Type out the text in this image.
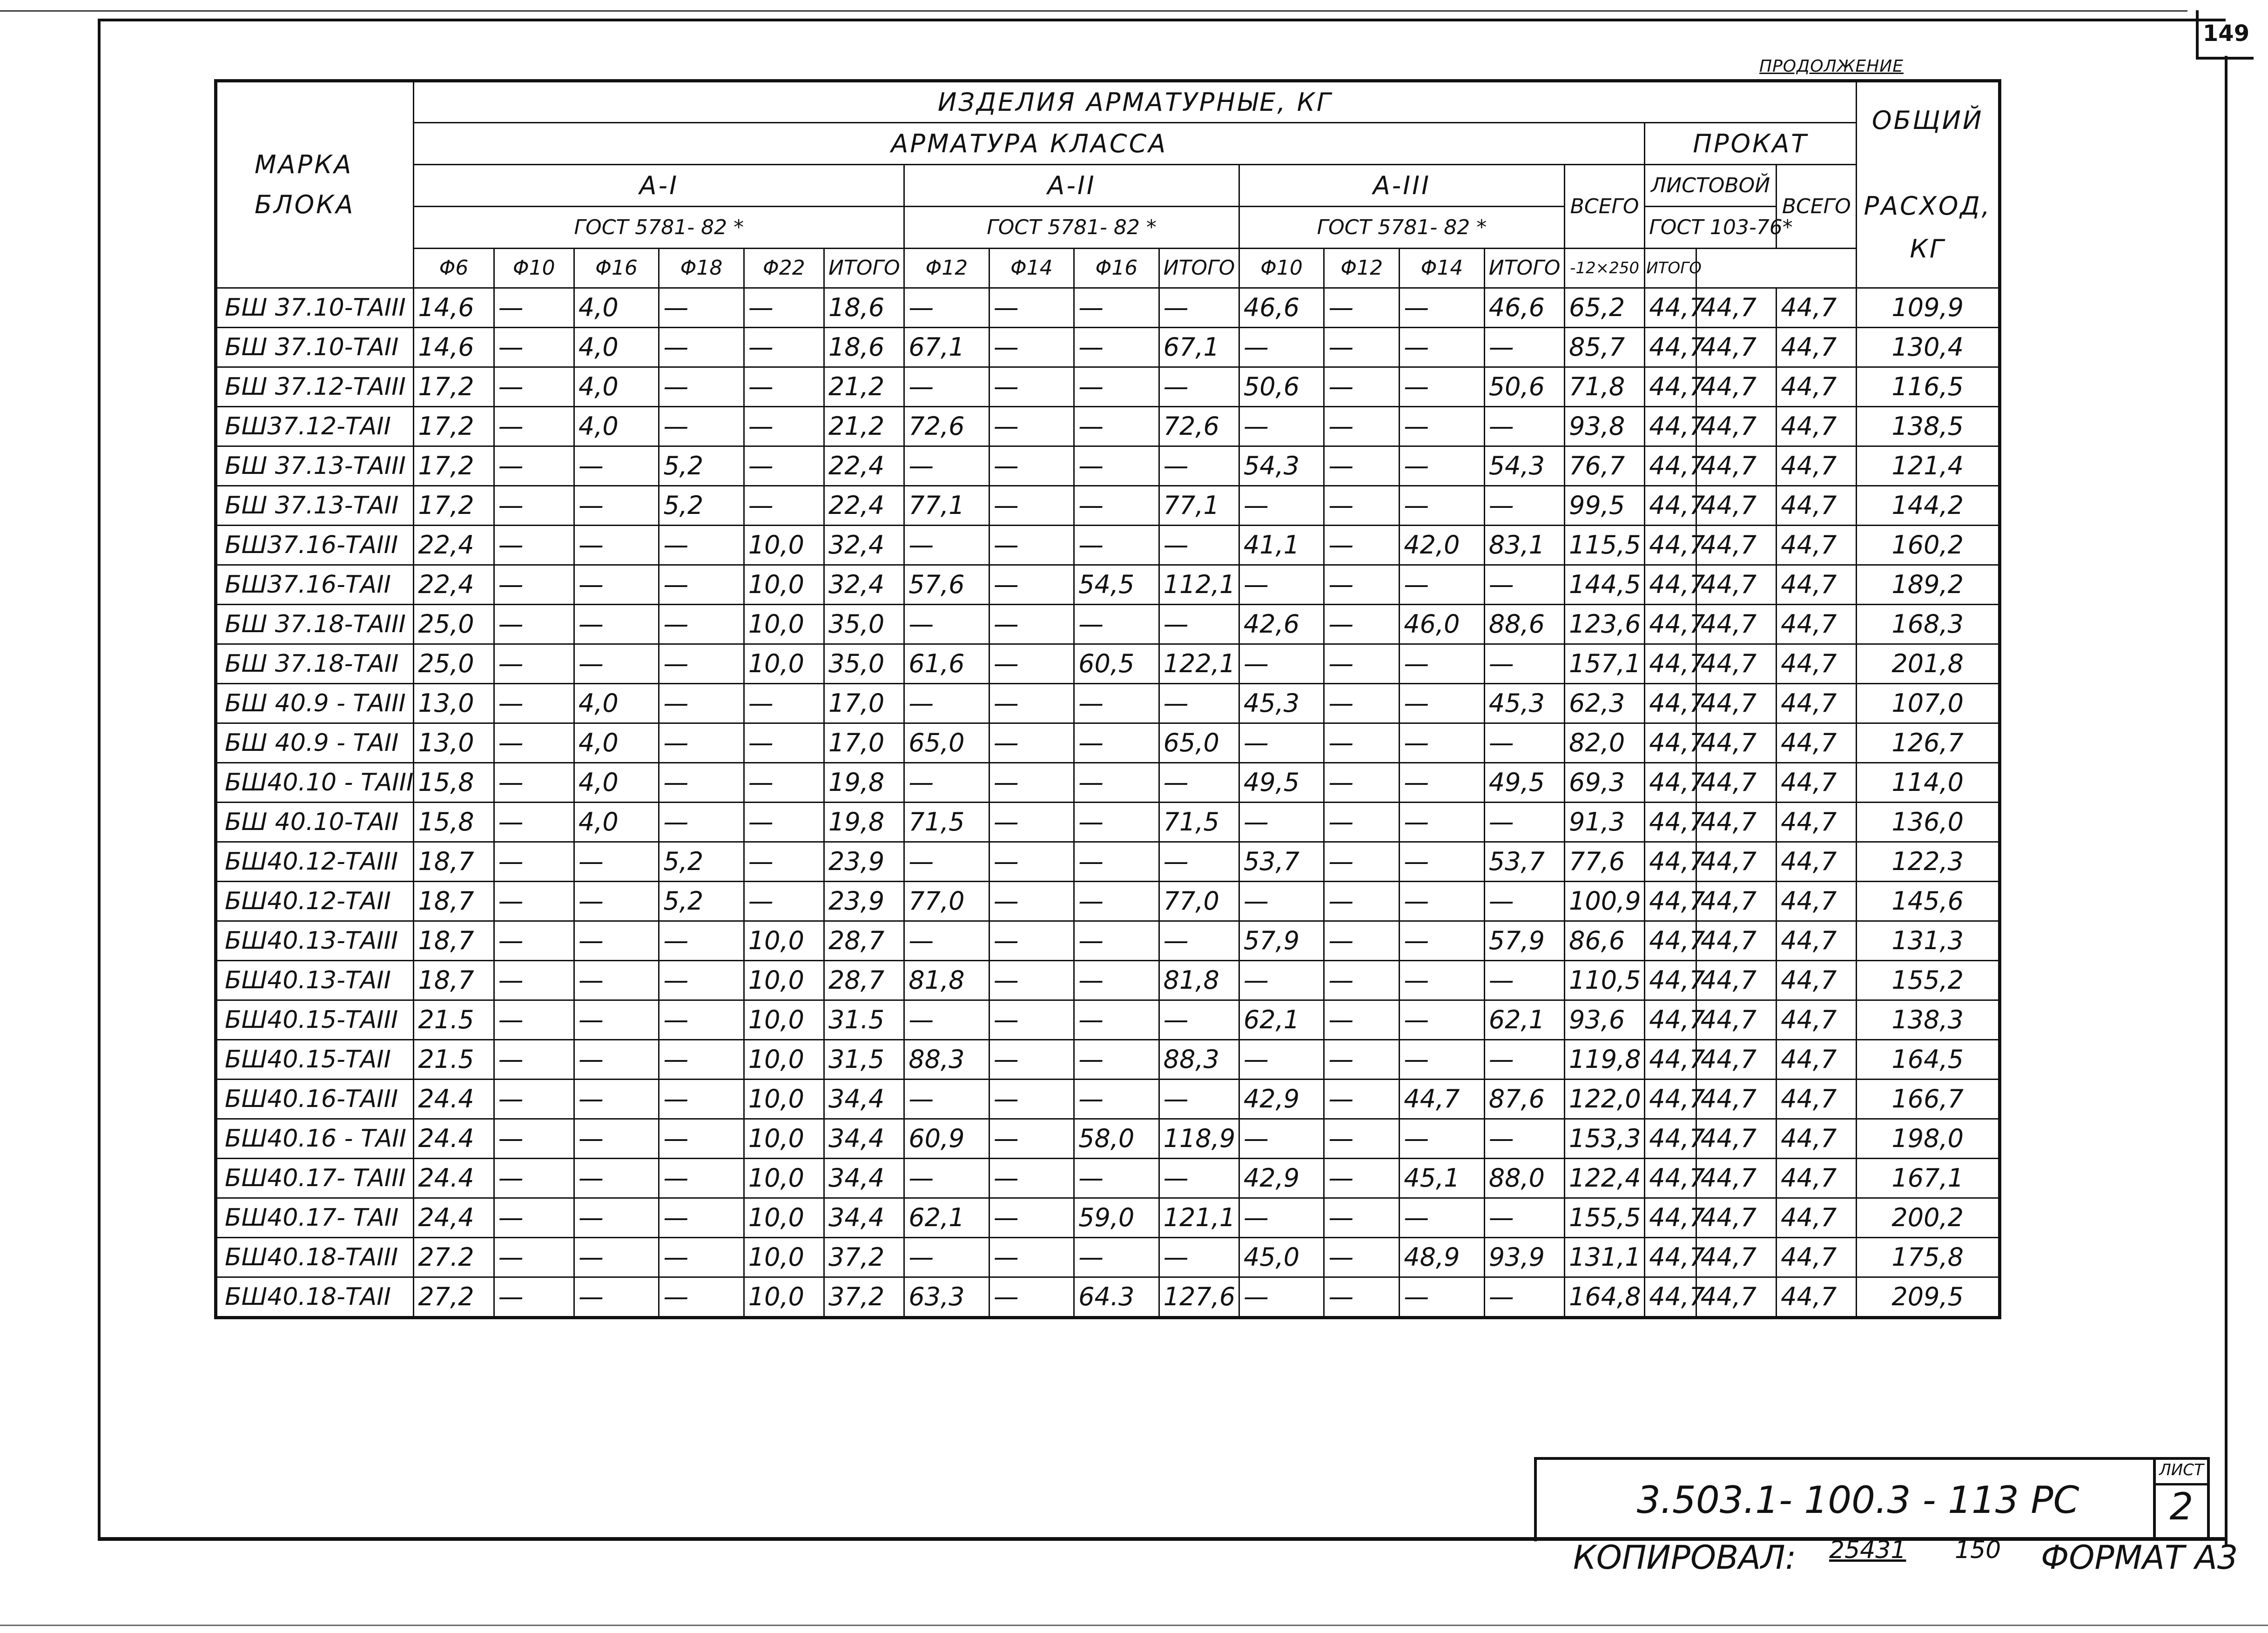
149
ПРОДОЛЖЕНИЕ
МАРКА
БЛОКА	ИЗДЕЛИЯ АРМАТУРНЫЕ, КГ																		ОБЩИЙ

РАСХОД,
КГ
	АРМАТУРА КЛАССА															ПРОКАТ			
	А-I						А-II				А-III				ВСЕГО	ЛИСТОВОЙ		ВСЕГО	
	ГОСТ 5781- 82 *						ГОСТ 5781- 82 *				ГОСТ 5781- 82 *					ГОСТ 103-76*			
	Φ6	Φ10	Φ16	Φ18	Φ22	ИТОГО	Φ12	Φ14	Φ16	ИТОГО	Φ10	Φ12	Φ14	ИТОГО	-12×250	ИТОГО			
БШ 37.10-ТАIII	14,6	—	4,0	—	—	18,6	—	—	—	—	46,6	—	—	46,6	65,2	44,7	44,7	44,7	109,9
БШ 37.10-ТАII	14,6	—	4,0	—	—	18,6	67,1	—	—	67,1	—	—	—	—	85,7	44,7	44,7	44,7	130,4
БШ 37.12-ТАIII	17,2	—	4,0	—	—	21,2	—	—	—	—	50,6	—	—	50,6	71,8	44,7	44,7	44,7	116,5
БШ37.12-ТАII	17,2	—	4,0	—	—	21,2	72,6	—	—	72,6	—	—	—	—	93,8	44,7	44,7	44,7	138,5
БШ 37.13-ТАIII	17,2	—	—	5,2	—	22,4	—	—	—	—	54,3	—	—	54,3	76,7	44,7	44,7	44,7	121,4
БШ 37.13-ТАII	17,2	—	—	5,2	—	22,4	77,1	—	—	77,1	—	—	—	—	99,5	44,7	44,7	44,7	144,2
БШ37.16-ТАIII	22,4	—	—	—	10,0	32,4	—	—	—	—	41,1	—	42,0	83,1	115,5	44,7	44,7	44,7	160,2
БШ37.16-ТАII	22,4	—	—	—	10,0	32,4	57,6	—	54,5	112,1	—	—	—	—	144,5	44,7	44,7	44,7	189,2
БШ 37.18-ТАIII	25,0	—	—	—	10,0	35,0	—	—	—	—	42,6	—	46,0	88,6	123,6	44,7	44,7	44,7	168,3
БШ 37.18-ТАII	25,0	—	—	—	10,0	35,0	61,6	—	60,5	122,1	—	—	—	—	157,1	44,7	44,7	44,7	201,8
БШ 40.9 - ТАIII	13,0	—	4,0	—	—	17,0	—	—	—	—	45,3	—	—	45,3	62,3	44,7	44,7	44,7	107,0
БШ 40.9 - ТАII	13,0	—	4,0	—	—	17,0	65,0	—	—	65,0	—	—	—	—	82,0	44,7	44,7	44,7	126,7
БШ40.10 - ТАIII	15,8	—	4,0	—	—	19,8	—	—	—	—	49,5	—	—	49,5	69,3	44,7	44,7	44,7	114,0
БШ 40.10-ТАII	15,8	—	4,0	—	—	19,8	71,5	—	—	71,5	—	—	—	—	91,3	44,7	44,7	44,7	136,0
БШ40.12-ТАIII	18,7	—	—	5,2	—	23,9	—	—	—	—	53,7	—	—	53,7	77,6	44,7	44,7	44,7	122,3
БШ40.12-ТАII	18,7	—	—	5,2	—	23,9	77,0	—	—	77,0	—	—	—	—	100,9	44,7	44,7	44,7	145,6
БШ40.13-ТАIII	18,7	—	—	—	10,0	28,7	—	—	—	—	57,9	—	—	57,9	86,6	44,7	44,7	44,7	131,3
БШ40.13-ТАII	18,7	—	—	—	10,0	28,7	81,8	—	—	81,8	—	—	—	—	110,5	44,7	44,7	44,7	155,2
БШ40.15-ТАIII	21.5	—	—	—	10,0	31.5	—	—	—	—	62,1	—	—	62,1	93,6	44,7	44,7	44,7	138,3
БШ40.15-ТАII	21.5	—	—	—	10,0	31,5	88,3	—	—	88,3	—	—	—	—	119,8	44,7	44,7	44,7	164,5
БШ40.16-ТАIII	24.4	—	—	—	10,0	34,4	—	—	—	—	42,9	—	44,7	87,6	122,0	44,7	44,7	44,7	166,7
БШ40.16 - ТАII	24.4	—	—	—	10,0	34,4	60,9	—	58,0	118,9	—	—	—	—	153,3	44,7	44,7	44,7	198,0
БШ40.17- ТАIII	24.4	—	—	—	10,0	34,4	—	—	—	—	42,9	—	45,1	88,0	122,4	44,7	44,7	44,7	167,1
БШ40.17- ТАII	24,4	—	—	—	10,0	34,4	62,1	—	59,0	121,1	—	—	—	—	155,5	44,7	44,7	44,7	200,2
БШ40.18-ТАIII	27.2	—	—	—	10,0	37,2	—	—	—	—	45,0	—	48,9	93,9	131,1	44,7	44,7	44,7	175,8
БШ40.18-ТАII	27,2	—	—	—	10,0	37,2	63,3	—	64.3	127,6	—	—	—	—	164,8	44,7	44,7	44,7	209,5
3.503.1- 100.3 - 113 РС
ЛИСТ
2
КОПИРОВАЛ: 25431 150 ФОРМАТ А3
